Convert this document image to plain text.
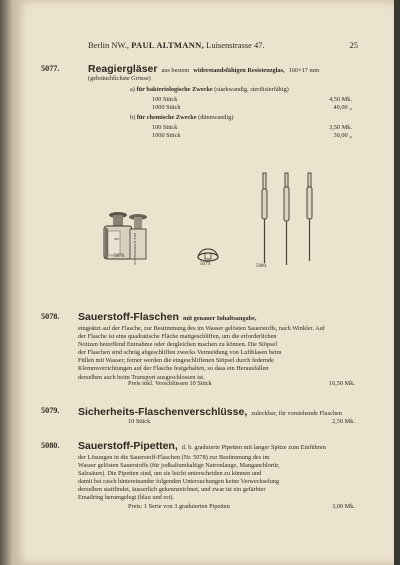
Berlin NW., PAUL ALTMANN, Luisenstrasse 47.	25
5077.	Reagiergläser aus bestem widerstandsfähigen Resistenzglas, 160×17 mm
(gebräuchlichste Grösse)
a) für bakteriologische Zwecke (starkwandig, sterilisierfähig)
100 Stück	4,50 Mk.
1000 Stück	40,00 „
b) für chemische Zwecke (dünnwandig)
100 Stück	3,50 Mk.
1000 Stück	30,00 „
300	PAUL ALTMANN BERLIN
5078.
5079.	5080.
5078. Sauerstoff-Flaschen mit genauer Inhaltsangabe,
eingeätzt auf der Flasche, zur Bestimmung des im Wasser gelösten Sauerstoffs, nach Winkler. Auf
der Flasche ist eine quadratische Fläche mattgeschliffen, um die erforderlichen
Notizen betreffend Entnahme oder dergleichen machen zu können. Die Stöpsel
der Flaschen sind schräg abgeschliffen zwecks Vermeidung von Luftblasen beim
Füllen mit Wasser; ferner werden die eingeschliffenen Stöpsel durch federnde
Klemmvorrichtungen auf der Flasche festgehalten, so dass ein Herausfallen
derselben auch beim Transport ausgeschlossen ist.
Preis inkl. Verschlüssen 10 Stück	16,50 Mk.
5079. Sicherheits-Flaschenverschlüsse, zuleckbar, für vorstehende Flaschen
10 Stück	2,50 Mk.
5080. Sauerstoff-Pipetten, d. h. graduierte Pipetten mit langer Spitze zum Einführen
der Lösungen in die Sauerstoff-Flaschen (Nr. 5078) zur Bestimmung des im
Wasser gelösten Sauerstoffs (für jodkaliumhaltige Natronlauge, Manganchlorür,
Salzsäure). Die Pipetten sind, um sie leicht unterscheiden zu können und
damit bei rasch hintereinander folgenden Untersuchungen keine Verwechselung
derselben stattfindet, äusserlich gekennzeichnet, und zwar ist ein gefärbter
Emailring herumgelegt (blau und rot).
Preis: 1 Serie von 3 graduierten Pipetten	3,00 Mk.
